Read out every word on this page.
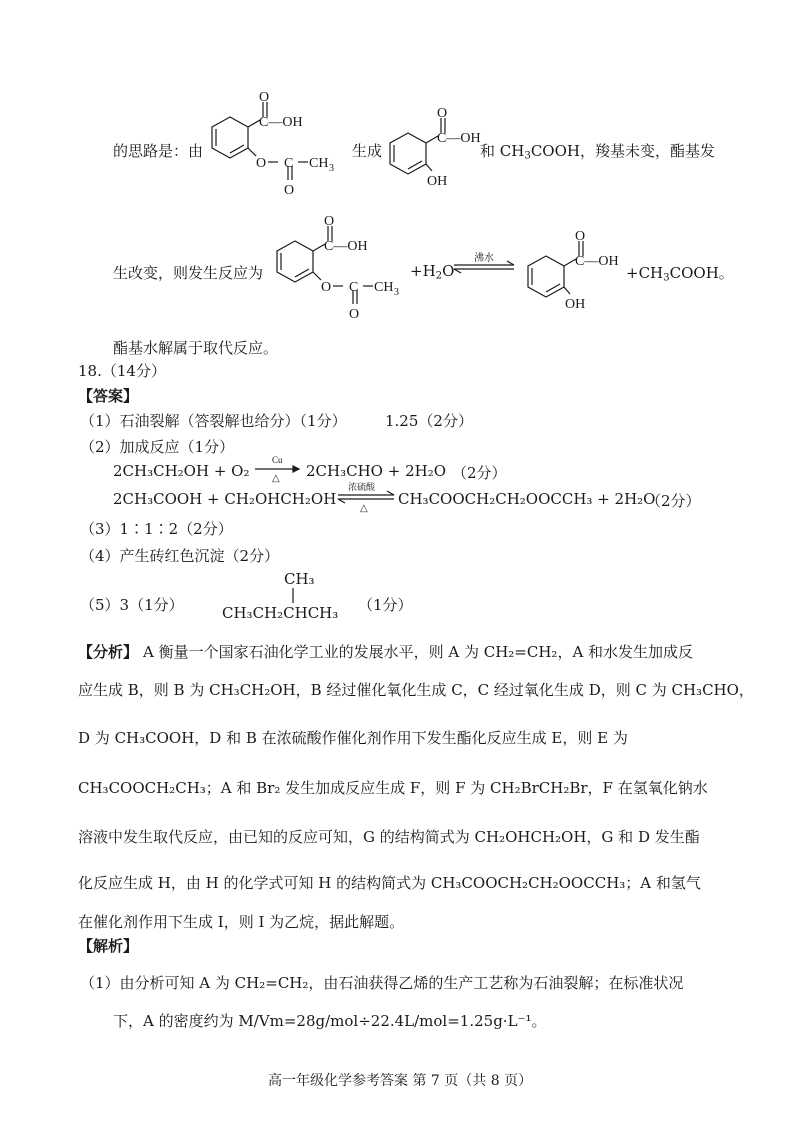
的思路是：由
O
C—OH
O C
O
CH 3
生成
O
C—OH
OH
和 $CH_3COOH$，羧基未变，酯基发
生改变，则发生反应为
O
C—OH
O C
O
CH 3
$+H_2O$
沸水
O
C—OH
OH
$+CH_3COOH$。
酯基水解属于取代反应。
18.（14分）
【答案】
（1）石油裂解（答裂解也给分）（1分）	1.25（2分）
（2）加成反应（1分）
2CH₃CH₂OH + O₂
Cu
△ 2CH₃CHO + 2H₂O （2分）
2CH₃COOH + CH₂OHCH₂OH
浓硫酸
△
CH₃COOCH₂CH₂OOCCH₃ + 2H₂O
（2分）
（3）1∶1∶2（2分）
（4）产生砖红色沉淀（2分）
（5）3（1分）
CH₃
CH₃CH₂CHCH₃ （1分）
【分析】 A 衡量一个国家石油化学工业的发展水平，则 A 为 CH₂=CH₂，A 和水发生加成反
应生成 B，则 B 为 CH₃CH₂OH，B 经过催化氧化生成 C，C 经过氧化生成 D，则 C 为 CH₃CHO，
D 为 CH₃COOH，D 和 B 在浓硫酸作催化剂作用下发生酯化反应生成 E，则 E 为
CH₃COOCH₂CH₃；A 和 Br₂ 发生加成反应生成 F，则 F 为 CH₂BrCH₂Br，F 在氢氧化钠水
溶液中发生取代反应，由已知的反应可知，G 的结构简式为 CH₂OHCH₂OH，G 和 D 发生酯
化反应生成 H，由 H 的化学式可知 H 的结构简式为 CH₃COOCH₂CH₂OOCCH₃；A 和氢气
在催化剂作用下生成 I，则 I 为乙烷，据此解题。
【解析】
（1）由分析可知 A 为 CH₂=CH₂，由石油获得乙烯的生产工艺称为石油裂解；在标准状况
下，A 的密度约为 M/Vm=28g/mol÷22.4L/mol=1.25g·L⁻¹。
高一年级化学参考答案 第 7 页（共 8 页）
